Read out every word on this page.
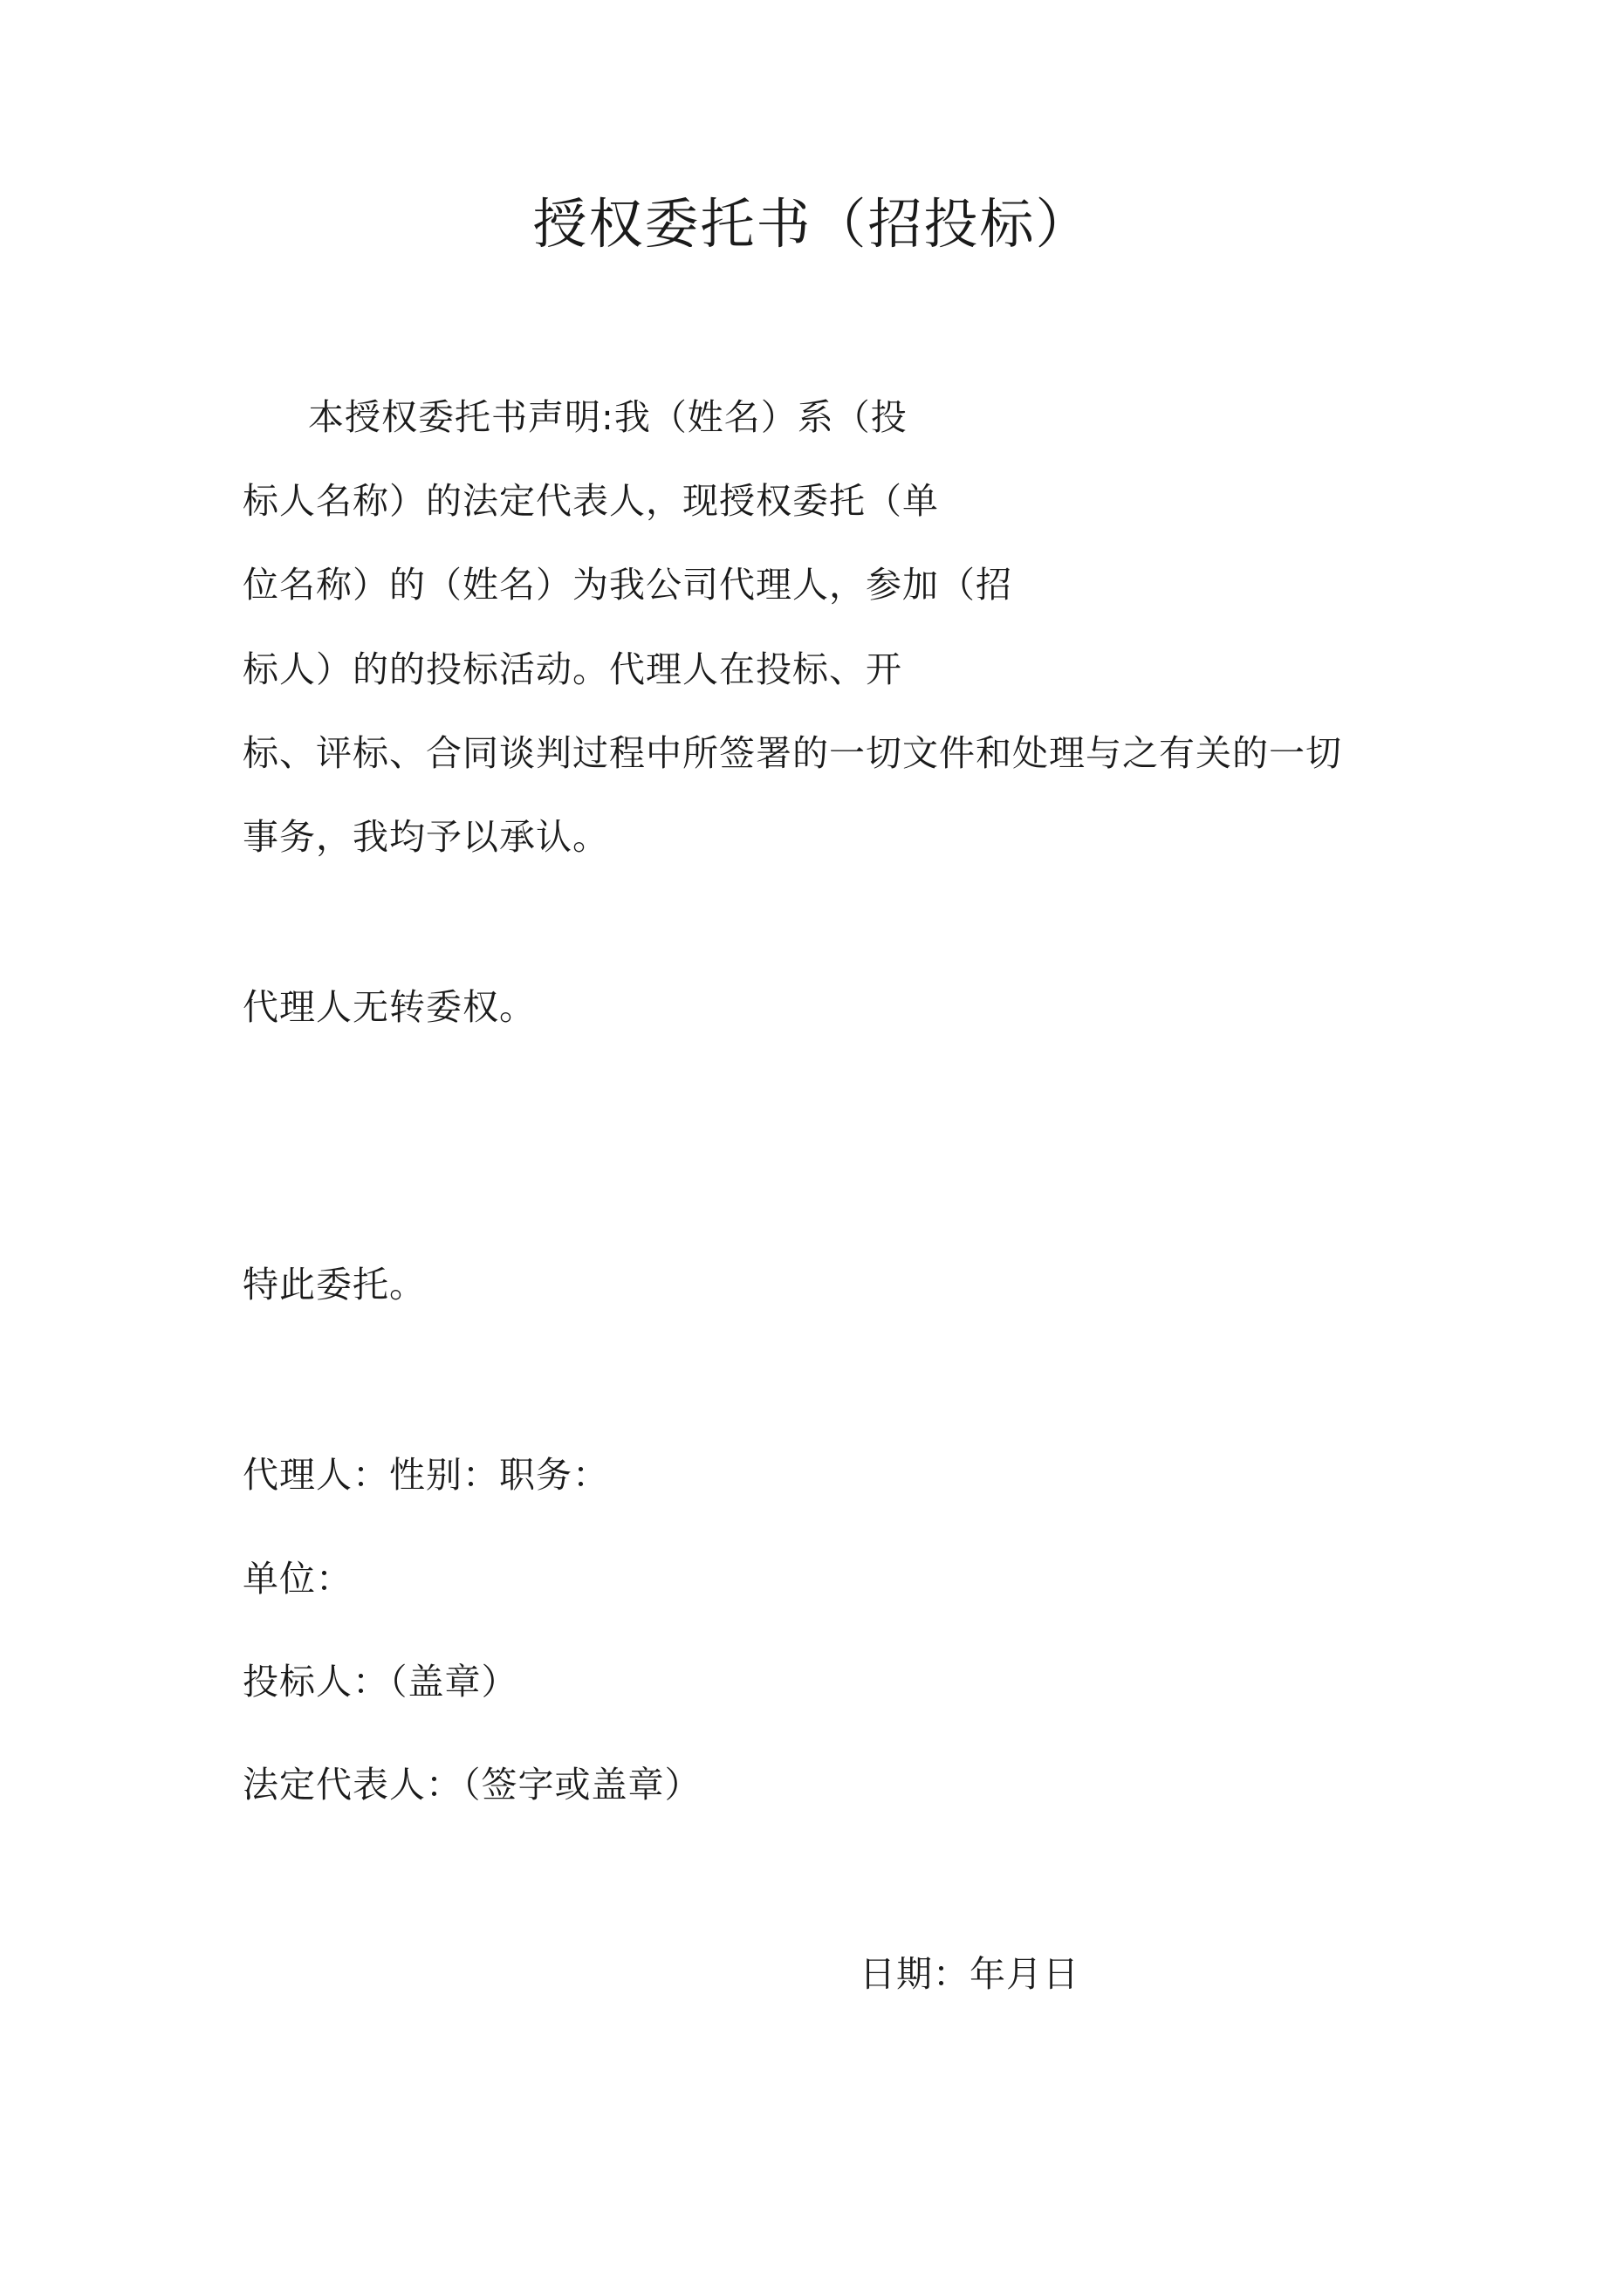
授权委托书（招投标）
本授权委托书声明:我（姓名）系（投
标人名称）的法定代表人，现授权委托（单
位名称）的（姓名）为我公司代理人，参加（招
标人）的的投标活动。代理人在投标、开
标、评标、合同谈判过程中所签署的一切文件和处理与之有关的一切
事务，我均予以承认。
代理人无转委权。
特此委托。
代理人：性别：职务：
单位：
投标人：（盖章）
法定代表人：（签字或盖章）
日期：年月日
